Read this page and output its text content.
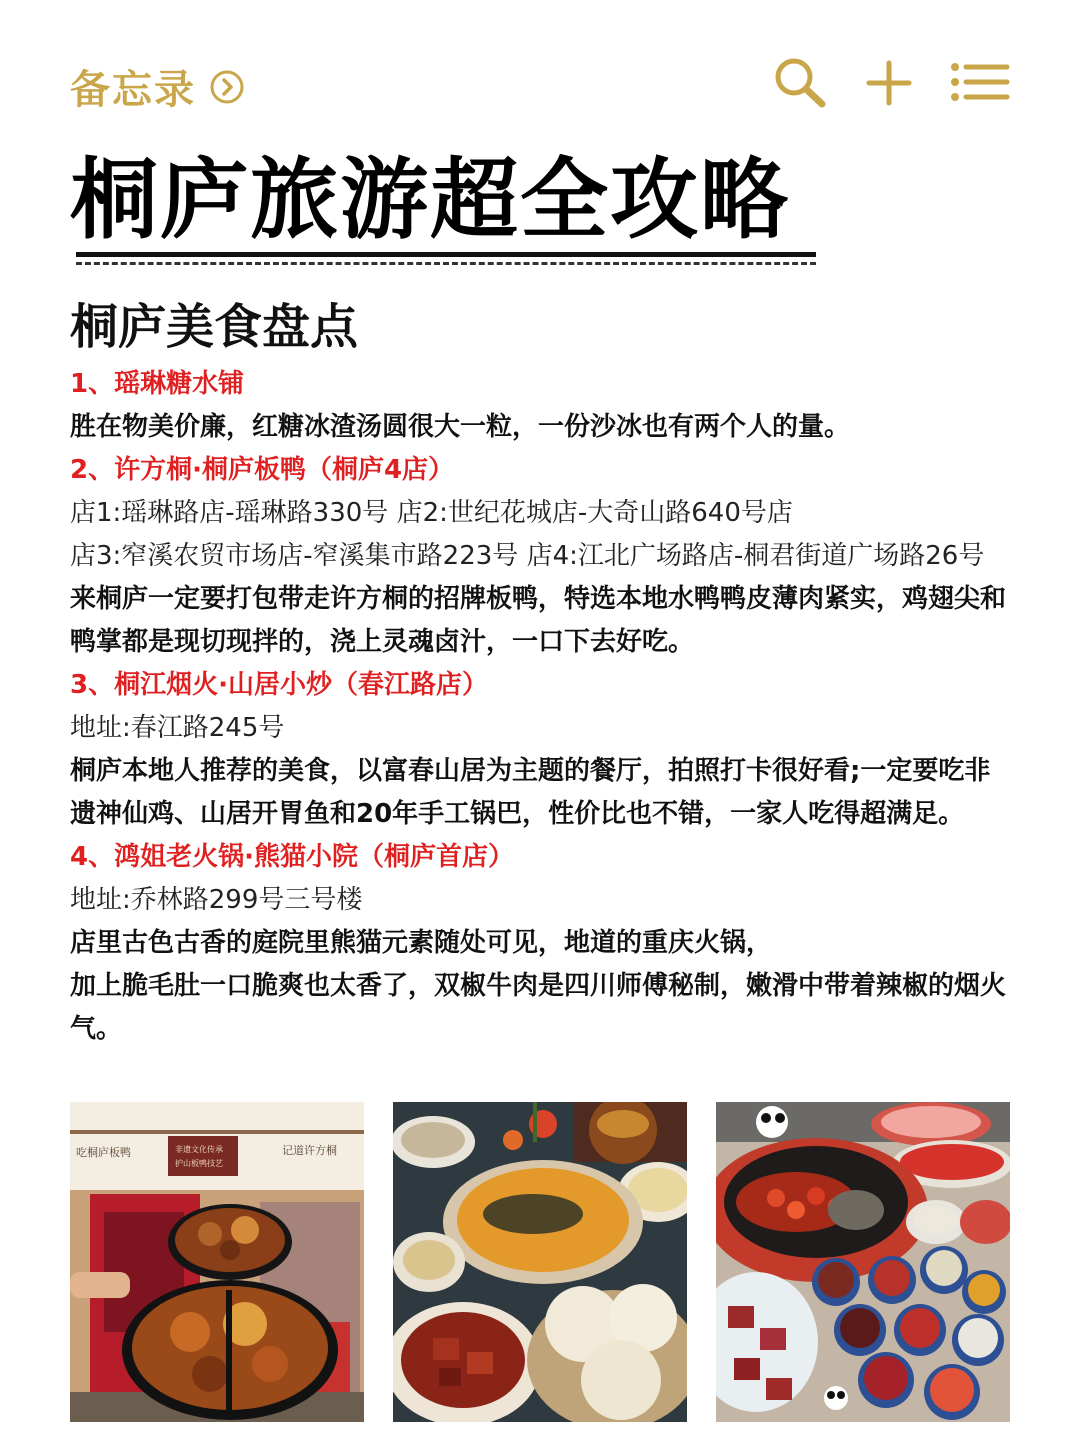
备忘录
桐庐旅游超全攻略
桐庐美食盘点

1、瑶琳糖水铺

胜在物美价廉，红糖冰渣汤圆很大一粒，一份沙冰也有两个人的量。

2、许方桐·桐庐板鸭（桐庐4店）

店1:瑶琳路店-瑶琳路330号 店2:世纪花城店-大奇山路640号店

店3:窄溪农贸市场店-窄溪集市路223号 店4:江北广场路店-桐君街道广场路26号

来桐庐一定要打包带走许方桐的招牌板鸭，特选本地水鸭鸭皮薄肉紧实，鸡翅尖和鸭掌都是现切现拌的，浇上灵魂卤汁，一口下去好吃。

3、桐江烟火·山居小炒（春江路店）

地址:春江路245号

桐庐本地人推荐的美食，以富春山居为主题的餐厅，拍照打卡很好看;一定要吃非遗神仙鸡、山居开胃鱼和20年手工锅巴，性价比也不错，一家人吃得超满足。

4、鸿姐老火锅·熊猫小院（桐庐首店）

地址:乔林路299号三号楼

店里古色古香的庭院里熊猫元素随处可见，地道的重庆火锅，

加上脆毛肚一口脆爽也太香了，双椒牛肉是四川师傅秘制，嫩滑中带着辣椒的烟火气。

吃桐庐板鸭	非遗文化传承
护山板鸭技艺
记道许方桐
